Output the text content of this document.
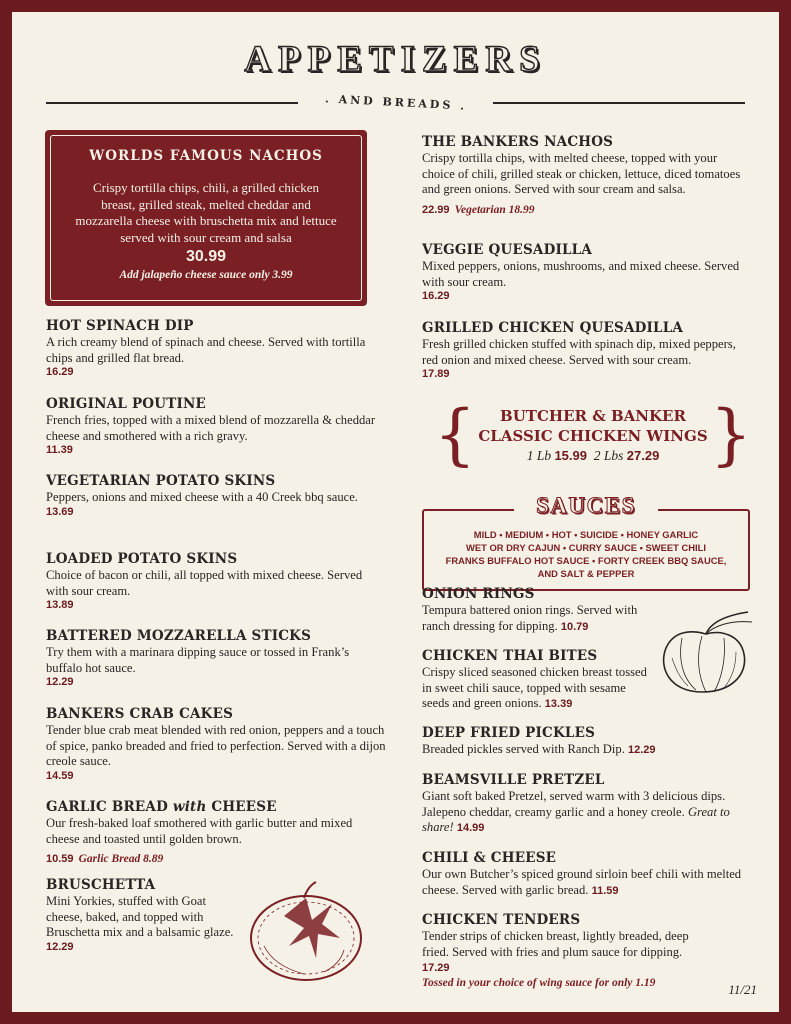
APPETIZERS
. AND BREADS .
WORLDS FAMOUS NACHOS
Crispy tortilla chips, chili, a grilled chicken breast, grilled steak, melted cheddar and mozzarella cheese with bruschetta mix and lettuce served with sour cream and salsa
30.99
Add jalapeño cheese sauce only 3.99
HOT SPINACH DIP

A rich creamy blend of spinach and cheese. Served with tortilla chips and grilled flat bread.

16.29
ORIGINAL POUTINE

French fries, topped with a mixed blend of mozzarella & cheddar cheese and smothered with a rich gravy.

11.39
VEGETARIAN POTATO SKINS

Peppers, onions and mixed cheese with a 40 Creek bbq sauce.

13.69
LOADED POTATO SKINS

Choice of bacon or chili, all topped with mixed cheese. Served with sour cream.

13.89
BATTERED MOZZARELLA STICKS

Try them with a marinara dipping sauce or tossed in Frank’s buffalo hot sauce.

12.29
BANKERS CRAB CAKES

Tender blue crab meat blended with red onion, peppers and a touch of spice, panko breaded and fried to perfection. Served with a dijon creole sauce.

14.59
GARLIC BREAD with CHEESE

Our fresh-baked loaf smothered with garlic butter and mixed cheese and toasted until golden brown.

10.59 Garlic Bread 8.89
BRUSCHETTA

Mini Yorkies, stuffed with Goat cheese, baked, and topped with Bruschetta mix and a balsamic glaze.

12.29
THE BANKERS NACHOS

Crispy tortilla chips, with melted cheese, topped with your choice of chili, grilled steak or chicken, lettuce, diced tomatoes and green onions. Served with sour cream and salsa.

22.99 Vegetarian 18.99
VEGGIE QUESADILLA

Mixed peppers, onions, mushrooms, and mixed cheese. Served with sour cream.

16.29
GRILLED CHICKEN QUESADILLA

Fresh grilled chicken stuffed with spinach dip, mixed peppers, red onion and mixed cheese. Served with sour cream.

17.89
{	}
BUTCHER & BANKER
CLASSIC CHICKEN WINGS
1 Lb 15.99 2 Lbs 27.29
SAUCES
MILD • MEDIUM • HOT • SUICIDE • HONEY GARLIC
WET OR DRY CAJUN • CURRY SAUCE • SWEET CHILI
FRANKS BUFFALO HOT SAUCE • FORTY CREEK BBQ SAUCE,
AND SALT & PEPPER
ONION RINGS

Tempura battered onion rings. Served with ranch dressing for dipping. 10.79

CHICKEN THAI BITES

Crispy sliced seasoned chicken breast tossed in sweet chili sauce, topped with sesame seeds and green onions. 13.39

DEEP FRIED PICKLES

Breaded pickles served with Ranch Dip. 12.29

BEAMSVILLE PRETZEL

Giant soft baked Pretzel, served warm with 3 delicious dips. Jalepeno cheddar, creamy garlic and a honey creole. Great to share! 14.99

CHILI & CHEESE

Our own Butcher’s spiced ground sirloin beef chili with melted cheese. Served with garlic bread. 11.59

CHICKEN TENDERS

Tender strips of chicken breast, lightly breaded, deep fried. Served with fries and plum sauce for dipping. 17.29

Tossed in your choice of wing sauce for only 1.19	11/21
